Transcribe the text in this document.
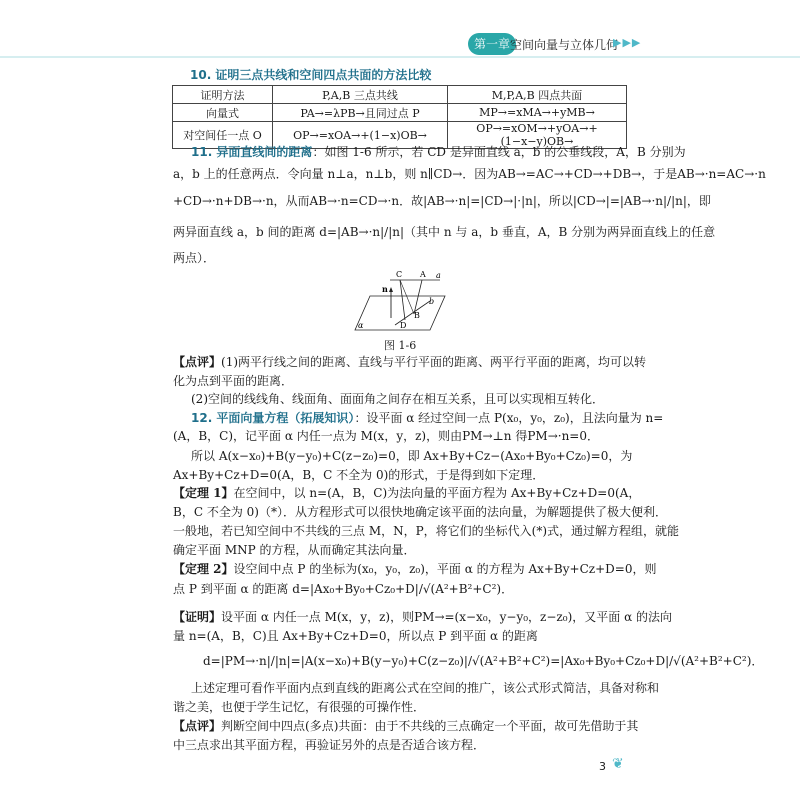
第一章 空间向量与立体几何
▶▶▶
10. 证明三点共线和空间四点共面的方法比较
证明方法	P,A,B 三点共线	M,P,A,B 四点共面
向量式	PA→=λPB→且同过点 P	MP→=xMA→+yMB→
对空间任一点 O	OP→=xOA→+(1−x)OB→	OP→=xOM→+yOA→+(1−x−y)OB→
11. 异面直线间的距离：如图 1-6 所示，若 CD 是异面直线 a，b 的公垂线段，A，B 分别为
a，b 上的任意两点．令向量 n⊥a，n⊥b，则 n∥CD→．因为AB→=AC→+CD→+DB→，于是AB→·n=AC→·n
+CD→·n+DB→·n，从而AB→·n=CD→·n．故|AB→·n|=|CD→|·|n|，所以|CD→|=|AB→·n|/|n|，即
两异面直线 a，b 间的距离 d=|AB→·n|/|n|（其中 n 与 a，b 垂直，A，B 分别为两异面直线上的任意
两点）．
C A a
n
b
B
D
α
图 1-6
【点评】(1)两平行线之间的距离、直线与平行平面的距离、两平行平面的距离，均可以转
化为点到平面的距离．
(2)空间的线线角、线面角、面面角之间存在相互关系，且可以实现相互转化．
12. 平面向量方程（拓展知识）：设平面 α 经过空间一点 P(x₀，y₀，z₀)，且法向量为 n=
(A，B，C)，记平面 α 内任一点为 M(x，y，z)，则由PM→⊥n 得PM→·n=0．
所以 A(x−x₀)+B(y−y₀)+C(z−z₀)=0，即 Ax+By+Cz−(Ax₀+By₀+Cz₀)=0，为
Ax+By+Cz+D=0(A，B，C 不全为 0)的形式，于是得到如下定理．
【定理 1】在空间中，以 n=(A，B，C)为法向量的平面方程为 Ax+By+Cz+D=0(A，
B，C 不全为 0)（*）．从方程形式可以很快地确定该平面的法向量，为解题提供了极大便利．
一般地，若已知空间中不共线的三点 M，N，P，将它们的坐标代入(*)式，通过解方程组，就能
确定平面 MNP 的方程，从而确定其法向量．
【定理 2】设空间中点 P 的坐标为(x₀，y₀，z₀)，平面 α 的方程为 Ax+By+Cz+D=0，则
点 P 到平面 α 的距离 d=|Ax₀+By₀+Cz₀+D|/√(A²+B²+C²)．
【证明】设平面 α 内任一点 M(x，y，z)，则PM→=(x−x₀，y−y₀，z−z₀)，又平面 α 的法向
量 n=(A，B，C)且 Ax+By+Cz+D=0，所以点 P 到平面 α 的距离
d=|PM→·n|/|n|=|A(x−x₀)+B(y−y₀)+C(z−z₀)|/√(A²+B²+C²)=|Ax₀+By₀+Cz₀+D|/√(A²+B²+C²)．
上述定理可看作平面内点到直线的距离公式在空间的推广，该公式形式简洁，具备对称和
谐之美，也便于学生记忆，有很强的可操作性．
【点评】判断空间中四点(多点)共面：由于不共线的三点确定一个平面，故可先借助于其
中三点求出其平面方程，再验证另外的点是否适合该方程．
3 ❦
